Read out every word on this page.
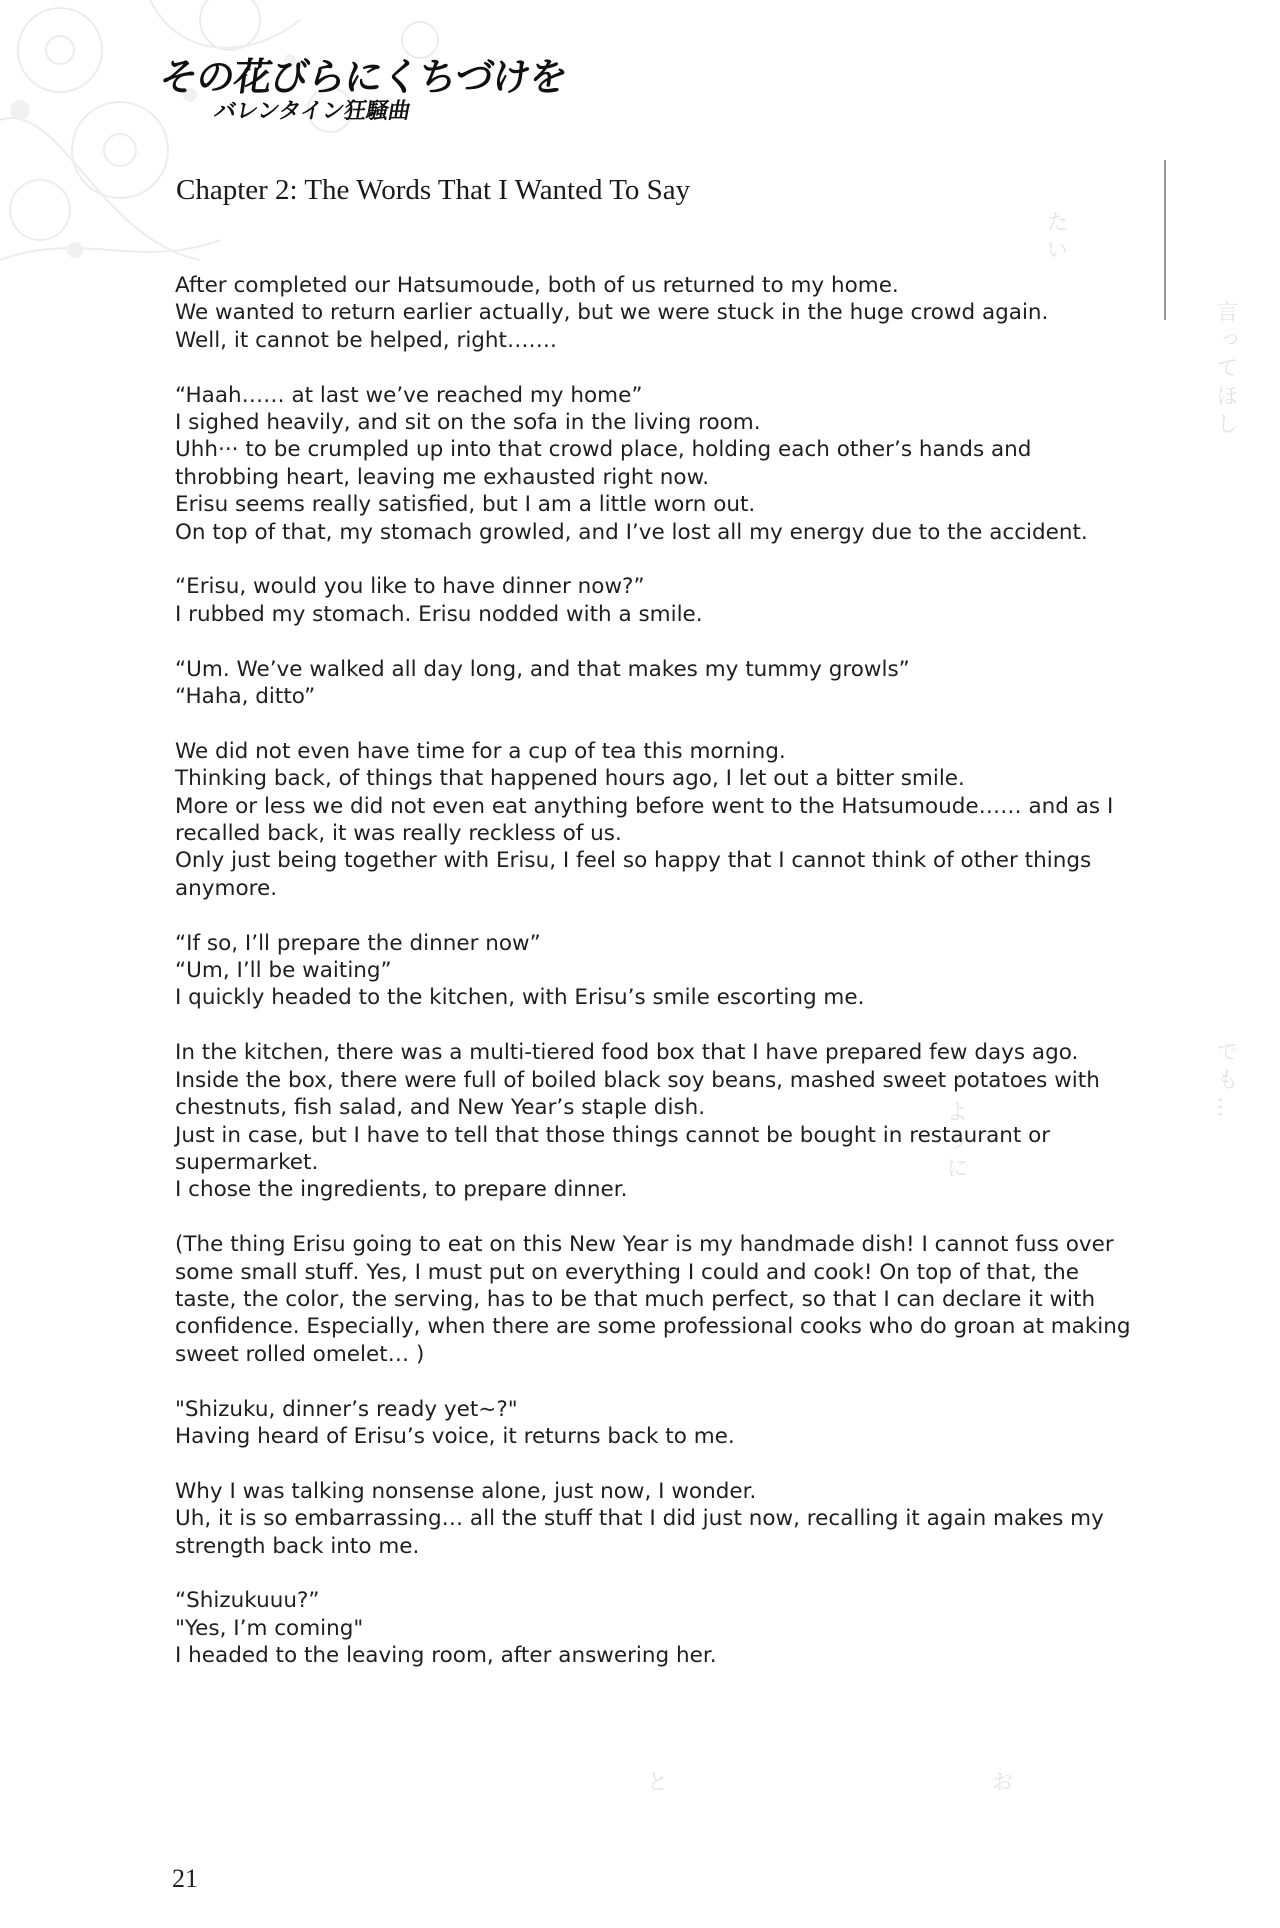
その花びらにくちづけを
バレンタイン狂騒曲
Chapter 2: The Words That I Wanted To Say
言ってほし
でも…
たい
ように
と	お

After completed our Hatsumoude, both of us returned to my home.
We wanted to return earlier actually, but we were stuck in the huge crowd again.
Well, it cannot be helped, right…….

“Haah…… at last we’ve reached my home”
I sighed heavily, and sit on the sofa in the living room.
Uhh··· to be crumpled up into that crowd place, holding each other’s hands and
throbbing heart, leaving me exhausted right now.
Erisu seems really satisfied, but I am a little worn out.
On top of that, my stomach growled, and I’ve lost all my energy due to the accident.

“Erisu, would you like to have dinner now?”
I rubbed my stomach. Erisu nodded with a smile.

“Um. We’ve walked all day long, and that makes my tummy growls”
“Haha, ditto”

We did not even have time for a cup of tea this morning.
Thinking back, of things that happened hours ago, I let out a bitter smile.
More or less we did not even eat anything before went to the Hatsumoude…… and as I
recalled back, it was really reckless of us.
Only just being together with Erisu, I feel so happy that I cannot think of other things
anymore.

“If so, I’ll prepare the dinner now”
“Um, I’ll be waiting”
I quickly headed to the kitchen, with Erisu’s smile escorting me.

In the kitchen, there was a multi-tiered food box that I have prepared few days ago.
Inside the box, there were full of boiled black soy beans, mashed sweet potatoes with
chestnuts, fish salad, and New Year’s staple dish.
Just in case, but I have to tell that those things cannot be bought in restaurant or
supermarket.
I chose the ingredients, to prepare dinner.

(The thing Erisu going to eat on this New Year is my handmade dish! I cannot fuss over
some small stuff. Yes, I must put on everything I could and cook! On top of that, the
taste, the color, the serving, has to be that much perfect, so that I can declare it with
confidence. Especially, when there are some professional cooks who do groan at making
sweet rolled omelet… )

"Shizuku, dinner’s ready yet~?"
Having heard of Erisu’s voice, it returns back to me.

Why I was talking nonsense alone, just now, I wonder.
Uh, it is so embarrassing… all the stuff that I did just now, recalling it again makes my
strength back into me.

“Shizukuuu?”
"Yes, I’m coming"
I headed to the leaving room, after answering her.

21
